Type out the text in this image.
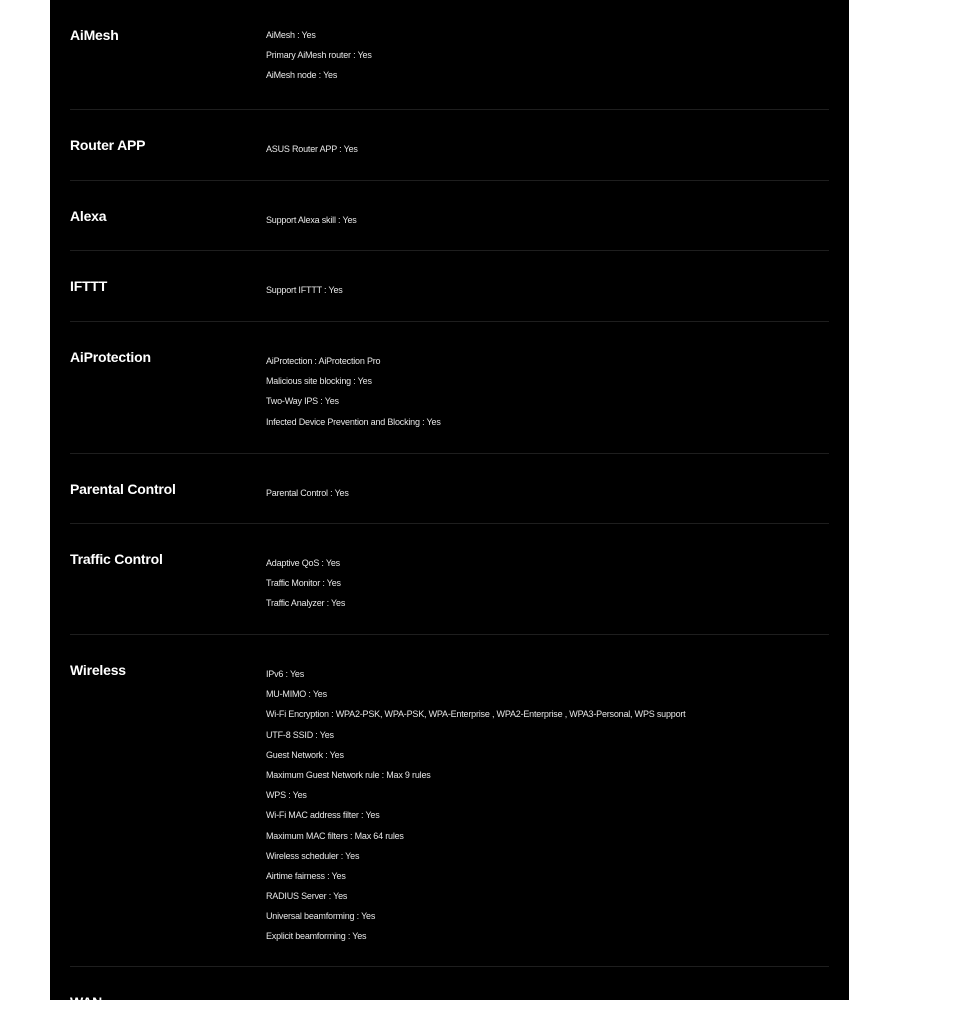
AiMesh	AiMesh : Yes
Primary AiMesh router : Yes
AiMesh node : Yes
Router APP	ASUS Router APP : Yes
Alexa	Support Alexa skill : Yes
IFTTT	Support IFTTT : Yes
AiProtection	AiProtection : AiProtection Pro
Malicious site blocking : Yes
Two-Way IPS : Yes
Infected Device Prevention and Blocking : Yes
Parental Control	Parental Control : Yes
Traffic Control	Adaptive QoS : Yes
Traffic Monitor : Yes
Traffic Analyzer : Yes
Wireless	IPv6 : Yes
MU-MIMO : Yes
Wi-Fi Encryption : WPA2-PSK, WPA-PSK, WPA-Enterprise , WPA2-Enterprise , WPA3-Personal, WPS support
UTF-8 SSID : Yes
Guest Network : Yes
Maximum Guest Network rule : Max 9 rules
WPS : Yes
Wi-Fi MAC address filter : Yes
Maximum MAC filters : Max 64 rules
Wireless scheduler : Yes
Airtime fairness : Yes
RADIUS Server : Yes
Universal beamforming : Yes
Explicit beamforming : Yes
WAN
